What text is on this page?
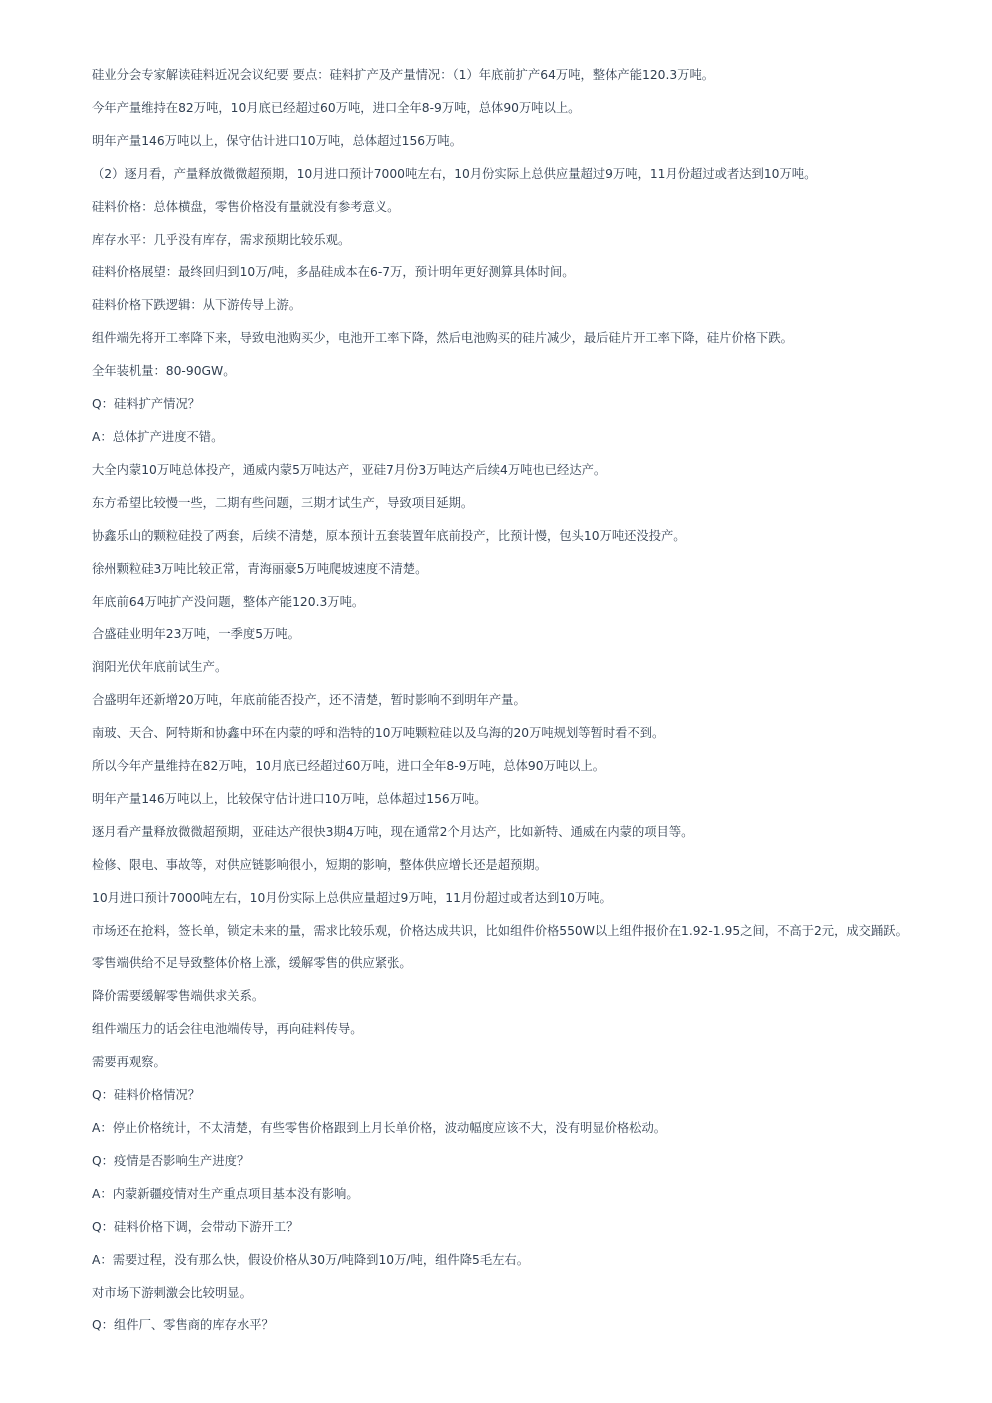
硅业分会专家解读硅料近况会议纪要 要点：硅料扩产及产量情况：（1）年底前扩产64万吨，整体产能120.3万吨。

今年产量维持在82万吨，10月底已经超过60万吨，进口全年8-9万吨，总体90万吨以上。

明年产量146万吨以上，保守估计进口10万吨，总体超过156万吨。

（2）逐月看，产量释放微微超预期，10月进口预计7000吨左右，10月份实际上总供应量超过9万吨，11月份超过或者达到10万吨。

硅料价格：总体横盘，零售价格没有量就没有参考意义。

库存水平：几乎没有库存，需求预期比较乐观。

硅料价格展望：最终回归到10万/吨，多晶硅成本在6-7万，预计明年更好测算具体时间。

硅料价格下跌逻辑：从下游传导上游。

组件端先将开工率降下来，导致电池购买少，电池开工率下降，然后电池购买的硅片减少，最后硅片开工率下降，硅片价格下跌。

全年装机量：80-90GW。

Q：硅料扩产情况？

A：总体扩产进度不错。

大全内蒙10万吨总体投产，通威内蒙5万吨达产，亚硅7月份3万吨达产后续4万吨也已经达产。

东方希望比较慢一些，二期有些问题，三期才试生产，导致项目延期。

协鑫乐山的颗粒硅投了两套，后续不清楚，原本预计五套装置年底前投产，比预计慢，包头10万吨还没投产。

徐州颗粒硅3万吨比较正常，青海丽豪5万吨爬坡速度不清楚。

年底前64万吨扩产没问题，整体产能120.3万吨。

合盛硅业明年23万吨，一季度5万吨。

润阳光伏年底前试生产。

合盛明年还新增20万吨，年底前能否投产，还不清楚，暂时影响不到明年产量。

南玻、天合、阿特斯和协鑫中环在内蒙的呼和浩特的10万吨颗粒硅以及乌海的20万吨规划等暂时看不到。

所以今年产量维持在82万吨，10月底已经超过60万吨，进口全年8-9万吨，总体90万吨以上。

明年产量146万吨以上，比较保守估计进口10万吨，总体超过156万吨。

逐月看产量释放微微超预期，亚硅达产很快3期4万吨，现在通常2个月达产，比如新特、通威在内蒙的项目等。

检修、限电、事故等，对供应链影响很小，短期的影响，整体供应增长还是超预期。

10月进口预计7000吨左右，10月份实际上总供应量超过9万吨，11月份超过或者达到10万吨。

市场还在抢料，签长单，锁定未来的量，需求比较乐观，价格达成共识，比如组件价格550W以上组件报价在1.92-1.95之间，不高于2元，成交踊跃。

零售端供给不足导致整体价格上涨，缓解零售的供应紧张。

降价需要缓解零售端供求关系。

组件端压力的话会往电池端传导，再向硅料传导。

需要再观察。

Q：硅料价格情况？

A：停止价格统计，不太清楚，有些零售价格跟到上月长单价格，波动幅度应该不大，没有明显价格松动。

Q：疫情是否影响生产进度？

A：内蒙新疆疫情对生产重点项目基本没有影响。

Q：硅料价格下调，会带动下游开工？

A：需要过程，没有那么快，假设价格从30万/吨降到10万/吨，组件降5毛左右。

对市场下游刺激会比较明显。

Q：组件厂、零售商的库存水平？
